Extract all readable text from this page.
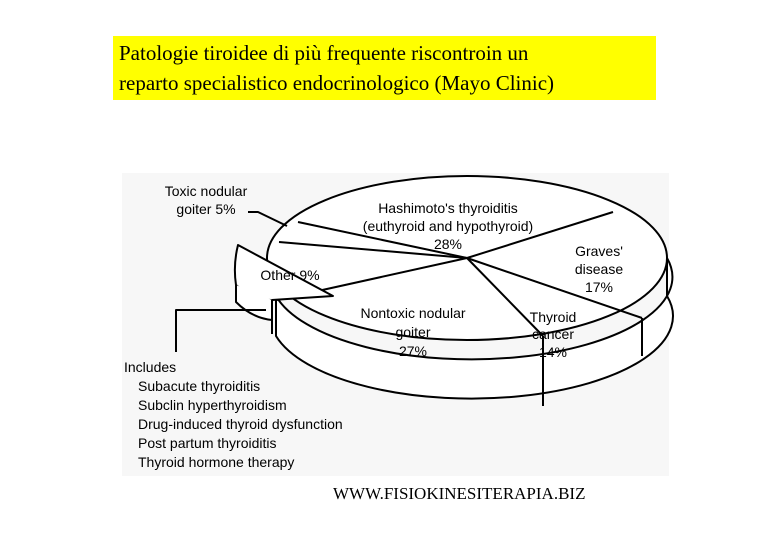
Patologie tiroidee di più frequente riscontroin un
reparto specialistico endocrinologico (Mayo Clinic)
Hashimoto's thyroiditis
(euthyroid and hypothyroid)
28%	Graves'
disease
17%
Thyroid
cancer
14%
Nontoxic nodular
goiter
27%
Other 9%
Toxic nodular
goiter 5%
Includes
Subacute thyroiditis
Subclin hyperthyroidism
Drug-induced thyroid dysfunction
Post partum thyroiditis
Thyroid hormone therapy
WWW.FISIOKINESITERAPIA.BIZ
